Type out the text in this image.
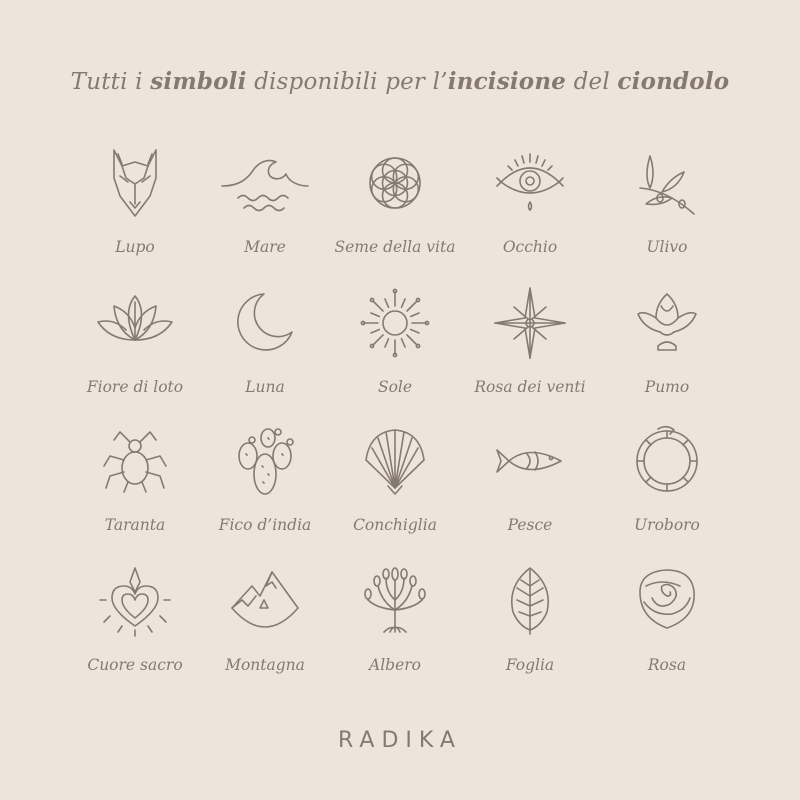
Tutti i simboli disponibili per l’incisione del ciondolo
Lupo	Mare	Seme della vita	Occhio	Ulivo
Fiore di loto	Luna	Sole	Rosa dei venti	Pumo
Taranta	Fico d’india	Conchiglia	Pesce	Uroboro
Cuore sacro	Montagna	Albero	Foglia	Rosa
RADIKA
